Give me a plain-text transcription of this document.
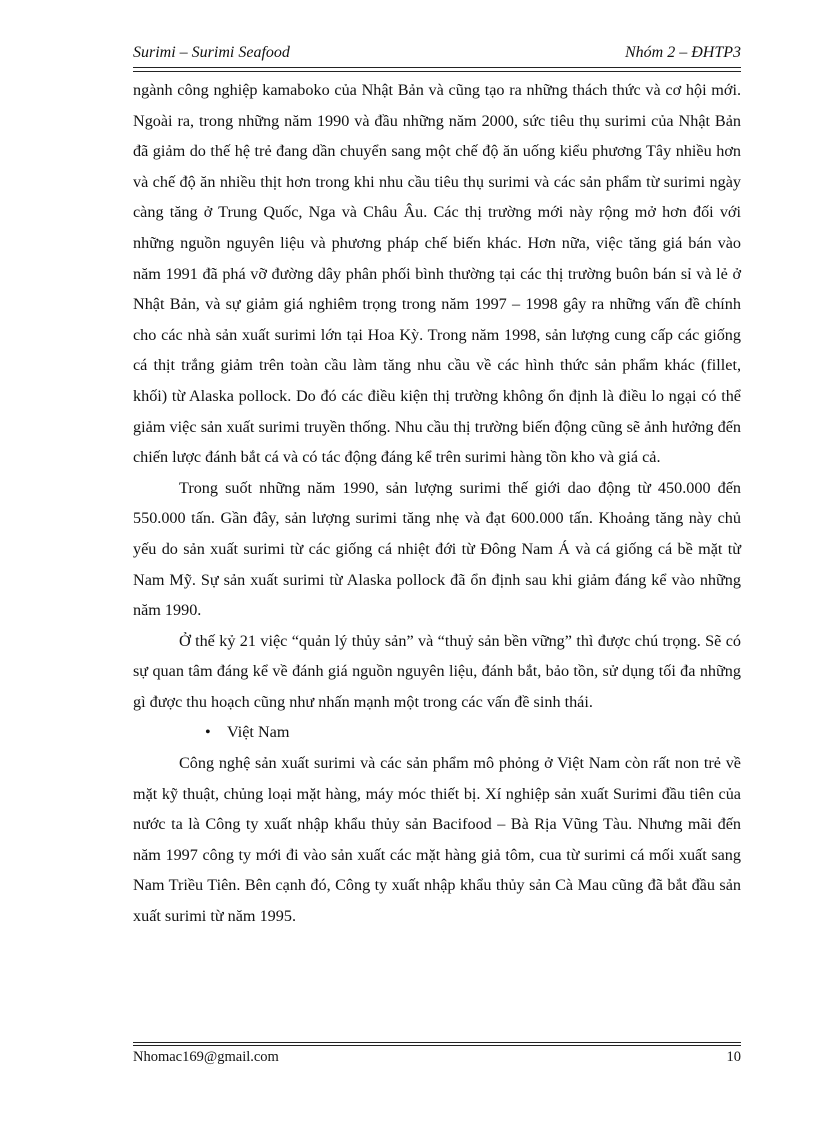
Surimi – Surimi Seafood	Nhóm 2 – ĐHTP3

ngành công nghiệp kamaboko của Nhật Bản và cũng tạo ra những thách thức và cơ hội mới. Ngoài ra, trong những năm 1990 và đầu những năm 2000, sức tiêu thụ surimi của Nhật Bản đã giảm do thế hệ trẻ đang dần chuyển sang một chế độ ăn uống kiểu phương Tây nhiều hơn và chế độ ăn nhiều thịt hơn trong khi nhu cầu tiêu thụ surimi và các sản phẩm từ surimi ngày càng tăng ở Trung Quốc, Nga và Châu Âu. Các thị trường mới này rộng mở hơn đối với những nguồn nguyên liệu và phương pháp chế biến khác. Hơn nữa, việc tăng giá bán vào năm 1991 đã phá vỡ đường dây phân phối bình thường tại các thị trường buôn bán sỉ và lẻ ở Nhật Bản, và sự giảm giá nghiêm trọng trong năm 1997 – 1998 gây ra những vấn đề chính cho các nhà sản xuất surimi lớn tại Hoa Kỳ. Trong năm 1998, sản lượng cung cấp các giống cá thịt trắng giảm trên toàn cầu làm tăng nhu cầu về các hình thức sản phẩm khác (fillet, khối) từ Alaska pollock. Do đó các điều kiện thị trường không ổn định là điều lo ngại có thể giảm việc sản xuất surimi truyền thống. Nhu cầu thị trường biến động cũng sẽ ảnh hưởng đến chiến lược đánh bắt cá và có tác động đáng kể trên surimi hàng tồn kho và giá cả.

Trong suốt những năm 1990, sản lượng surimi thế giới dao động từ 450.000 đến 550.000 tấn. Gần đây, sản lượng surimi tăng nhẹ và đạt 600.000 tấn. Khoảng tăng này chủ yếu do sản xuất surimi từ các giống cá nhiệt đới từ Đông Nam Á và cá giống cá bề mặt từ Nam Mỹ. Sự sản xuất surimi từ Alaska pollock đã ổn định sau khi giảm đáng kể vào những năm 1990.

Ở thế kỷ 21 việc “quản lý thủy sản” và “thuỷ sản bền vững” thì được chú trọng. Sẽ có sự quan tâm đáng kể về đánh giá nguồn nguyên liệu, đánh bắt, bảo tồn, sử dụng tối đa những gì được thu hoạch cũng như nhấn mạnh một trong các vấn đề sinh thái.

• Việt Nam

Công nghệ sản xuất surimi và các sản phẩm mô phỏng ở Việt Nam còn rất non trẻ về mặt kỹ thuật, chủng loại mặt hàng, máy móc thiết bị. Xí nghiệp sản xuất Surimi đầu tiên của nước ta là Công ty xuất nhập khẩu thủy sản Bacifood – Bà Rịa Vũng Tàu. Nhưng mãi đến năm 1997 công ty mới đi vào sản xuất các mặt hàng giả tôm, cua từ surimi cá mối xuất sang Nam Triều Tiên. Bên cạnh đó, Công ty xuất nhập khẩu thủy sản Cà Mau cũng đã bắt đầu sản xuất surimi từ năm 1995.

Nhomac169@gmail.com	10
